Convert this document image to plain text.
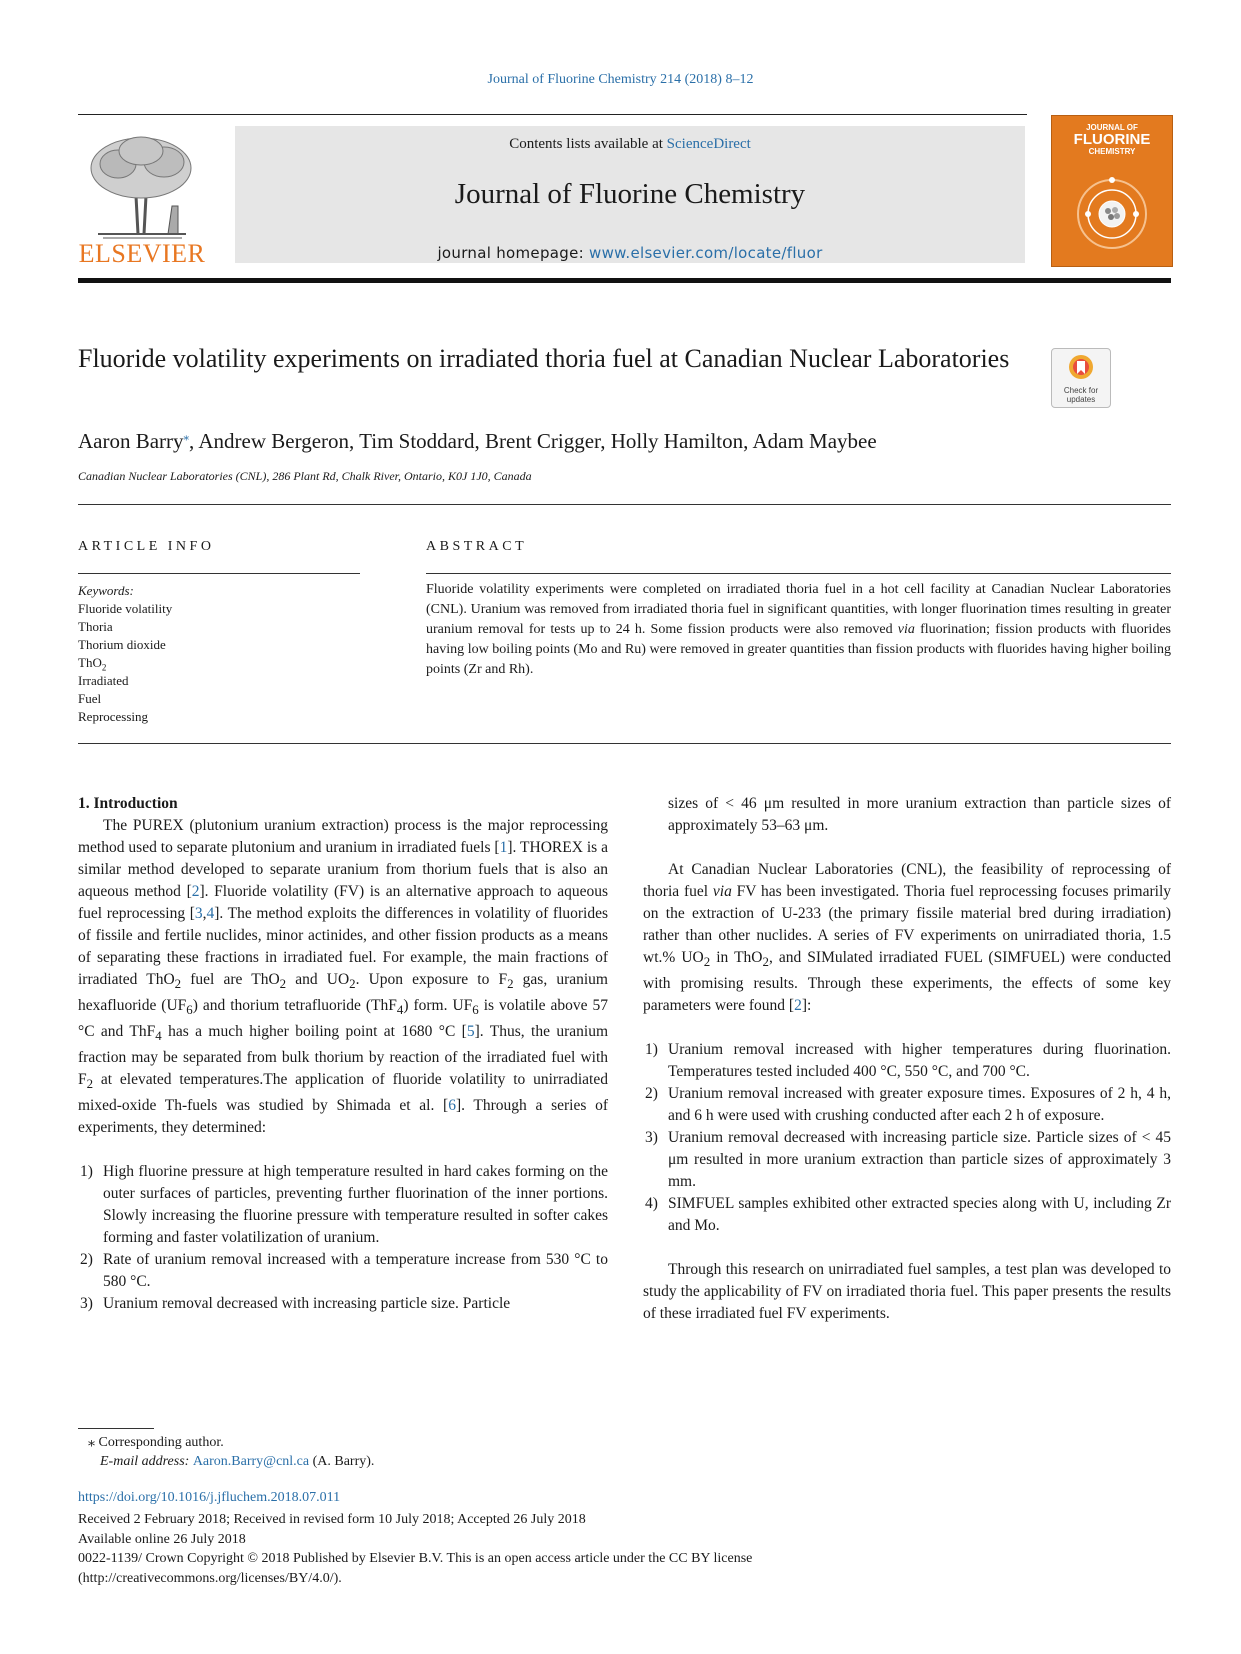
Journal of Fluorine Chemistry 214 (2018) 8–12
ELSEVIER
Contents lists available at ScienceDirect
Journal of Fluorine Chemistry
journal homepage: www.elsevier.com/locate/fluor
JOURNAL OF
FLUORINE
CHEMISTRY
Fluoride volatility experiments on irradiated thoria fuel at Canadian Nuclear Laboratories
Check for updates
Aaron Barry⁎, Andrew Bergeron, Tim Stoddard, Brent Crigger, Holly Hamilton, Adam Maybee
Canadian Nuclear Laboratories (CNL), 286 Plant Rd, Chalk River, Ontario, K0J 1J0, Canada
ARTICLE INFO
Keywords:
Fluoride volatility
Thoria
Thorium dioxide
ThO$_2$
Irradiated
Fuel
Reprocessing
ABSTRACT
Fluoride volatility experiments were completed on irradiated thoria fuel in a hot cell facility at Canadian Nuclear Laboratories (CNL). Uranium was removed from irradiated thoria fuel in significant quantities, with longer fluorination times resulting in greater uranium removal for tests up to 24 h. Some fission products were also removed via fluorination; fission products with fluorides having low boiling points (Mo and Ru) were removed in greater quantities than fission products with fluorides having higher boiling points (Zr and Rh).

1. Introduction

The PUREX (plutonium uranium extraction) process is the major reprocessing method used to separate plutonium and uranium in irradiated fuels [1]. THOREX is a similar method developed to separate uranium from thorium fuels that is also an aqueous method [2]. Fluoride volatility (FV) is an alternative approach to aqueous fuel reprocessing [3,4]. The method exploits the differences in volatility of fluorides of fissile and fertile nuclides, minor actinides, and other fission products as a means of separating these fractions in irradiated fuel. For example, the main fractions of irradiated ThO$_2$ fuel are ThO$_2$ and $UO_2$. Upon exposure to $F_2$ gas, uranium hexafluoride $(UF_6)$ and thorium tetrafluoride (ThF$_4$) form. $UF_6$ is volatile above 57 °C and ThF$_4$ has a much higher boiling point at 1680 °C [5]. Thus, the uranium fraction may be separated from bulk thorium by reaction of the irradiated fuel with $F_2$ at elevated temperatures.The application of fluoride volatility to unirradiated mixed-oxide Th-fuels was studied by Shimada et al. [6]. Through a series of experiments, they determined:

1) High fluorine pressure at high temperature resulted in hard cakes forming on the outer surfaces of particles, preventing further fluorination of the inner portions. Slowly increasing the fluorine pressure with temperature resulted in softer cakes forming and faster volatilization of uranium.
2) Rate of uranium removal increased with a temperature increase from 530 °C to 580 °C.
3) Uranium removal decreased with increasing particle size. Particle

sizes of < 46 μm resulted in more uranium extraction than particle sizes of approximately 53–63 μm.

At Canadian Nuclear Laboratories (CNL), the feasibility of reprocessing of thoria fuel via FV has been investigated. Thoria fuel reprocessing focuses primarily on the extraction of U-233 (the primary fissile material bred during irradiation) rather than other nuclides. A series of FV experiments on unirradiated thoria, 1.5 wt.% $UO_2$ in ThO$_2$, and SIMulated irradiated FUEL (SIMFUEL) were conducted with promising results. Through these experiments, the effects of some key parameters were found [2]:

1) Uranium removal increased with higher temperatures during fluorination. Temperatures tested included 400 °C, 550 °C, and 700 °C.
2) Uranium removal increased with greater exposure times. Exposures of 2 h, 4 h, and 6 h were used with crushing conducted after each 2 h of exposure.
3) Uranium removal decreased with increasing particle size. Particle sizes of < 45 μm resulted in more uranium extraction than particle sizes of approximately 3 mm.
4) SIMFUEL samples exhibited other extracted species along with U, including Zr and Mo.

Through this research on unirradiated fuel samples, a test plan was developed to study the applicability of FV on irradiated thoria fuel. This paper presents the results of these irradiated fuel FV experiments.

⁎ Corresponding author.
E-mail address: Aaron.Barry@cnl.ca (A. Barry).
https://doi.org/10.1016/j.jfluchem.2018.07.011
Received 2 February 2018; Received in revised form 10 July 2018; Accepted 26 July 2018
Available online 26 July 2018
0022-1139/ Crown Copyright © 2018 Published by Elsevier B.V. This is an open access article under the CC BY license
(http://creativecommons.org/licenses/BY/4.0/).
